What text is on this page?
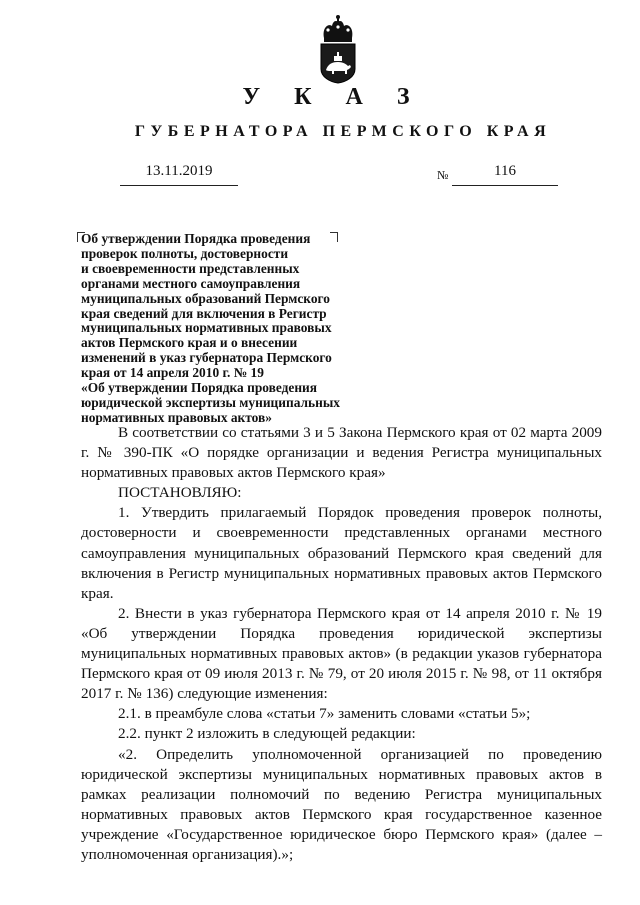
У К А З
ГУБЕРНАТОРА ПЕРМСКОГО КРАЯ
13.11.2019	№	116

Об утверждении Порядка проведения
проверок полноты, достоверности
и своевременности представленных
органами местного самоуправления
муниципальных образований Пермского
края сведений для включения в Регистр
муниципальных нормативных правовых
актов Пермского края и о внесении
изменений в указ губернатора Пермского
края от 14 апреля 2010 г. № 19
«Об утверждении Порядка проведения
юридической экспертизы муниципальных
нормативных правовых актов»

В соответствии со статьями 3 и 5 Закона Пермского края от 02 марта 2009 г. № 390-ПК «О порядке организации и ведения Регистра муниципальных нормативных правовых актов Пермского края»

ПОСТАНОВЛЯЮ:

1. Утвердить прилагаемый Порядок проведения проверок полноты, достоверности и своевременности представленных органами местного самоуправления муниципальных образований Пермского края сведений для включения в Регистр муниципальных нормативных правовых актов Пермского края.

2. Внести в указ губернатора Пермского края от 14 апреля 2010 г. № 19 «Об утверждении Порядка проведения юридической экспертизы муниципальных нормативных правовых актов» (в редакции указов губернатора Пермского края от 09 июля 2013 г. № 79, от 20 июля 2015 г. № 98, от 11 октября 2017 г. № 136) следующие изменения:

2.1. в преамбуле слова «статьи 7» заменить словами «статьи 5»;

2.2. пункт 2 изложить в следующей редакции:

«2. Определить уполномоченной организацией по проведению юридической экспертизы муниципальных нормативных правовых актов в рамках реализации полномочий по ведению Регистра муниципальных нормативных правовых актов Пермского края государственное казенное учреждение «Государственное юридическое бюро Пермского края» (далее – уполномоченная организация).»;
